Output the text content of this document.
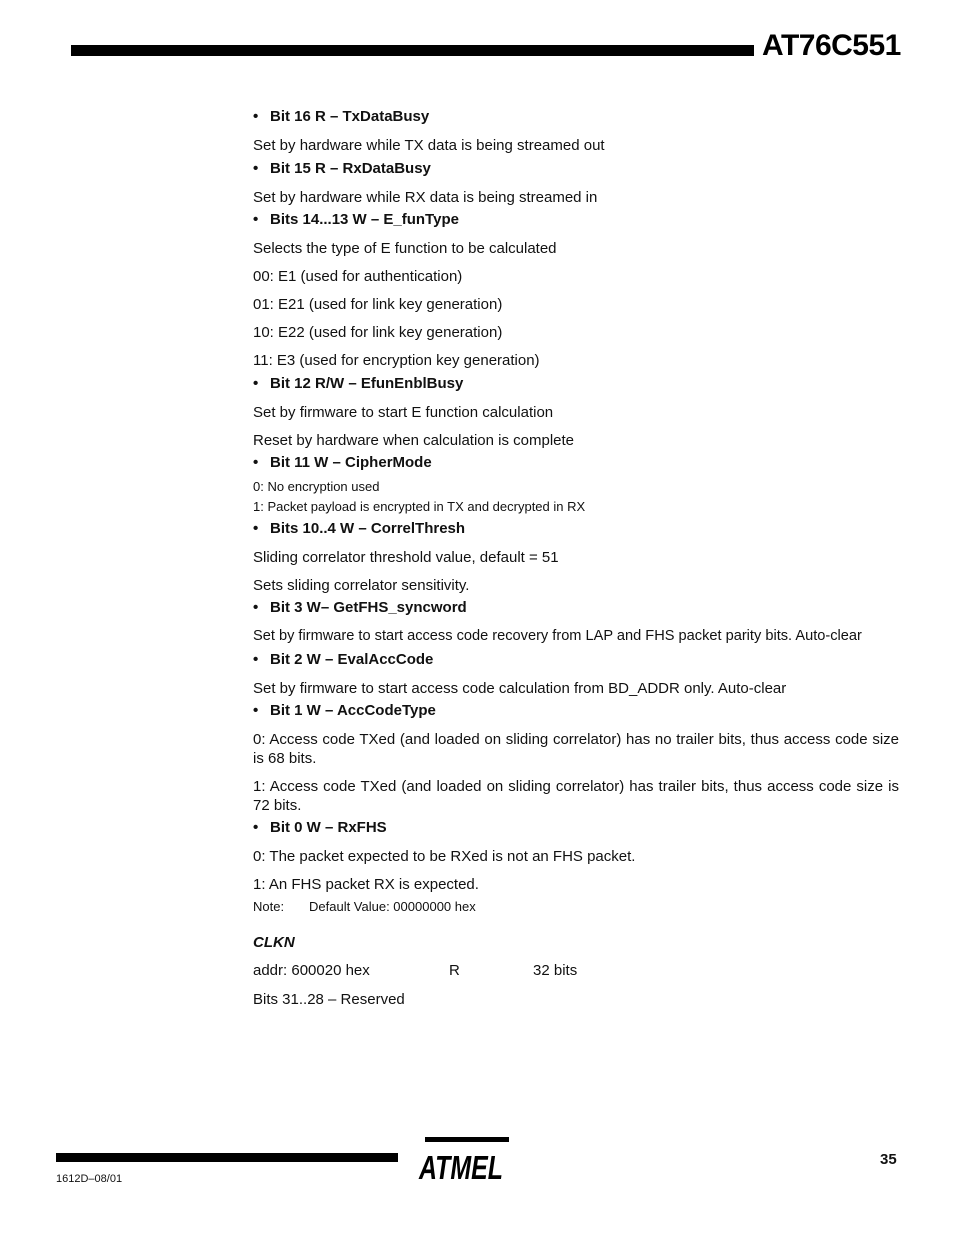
AT76C551
• Bit 16 R – TxDataBusy
Set by hardware while TX data is being streamed out
• Bit 15 R – RxDataBusy
Set by hardware while RX data is being streamed in
• Bits 14...13 W – E_funType
Selects the type of E function to be calculated
00: E1 (used for authentication)
01: E21 (used for link key generation)
10: E22 (used for link key generation)
11: E3 (used for encryption key generation)
• Bit 12 R/W – EfunEnblBusy
Set by firmware to start E function calculation
Reset by hardware when calculation is complete
• Bit 11 W – CipherMode
0: No encryption used
1: Packet payload is encrypted in TX and decrypted in RX
• Bits 10..4 W – CorrelThresh
Sliding correlator threshold value, default = 51
Sets sliding correlator sensitivity.
• Bit 3 W– GetFHS_syncword
Set by firmware to start access code recovery from LAP and FHS packet parity bits. Auto-clear
• Bit 2 W – EvalAccCode
Set by firmware to start access code calculation from BD_ADDR only. Auto-clear
• Bit 1 W – AccCodeType
0: Access code TXed (and loaded on sliding correlator) has no trailer bits, thus access code size is 68 bits.
1: Access code TXed (and loaded on sliding correlator) has trailer bits, thus access code size is 72 bits.
• Bit 0 W – RxFHS
0: The packet expected to be RXed is not an FHS packet.
1: An FHS packet RX is expected.
Note: Default Value: 00000000 hex
CLKN
addr: 600020 hex	R	32 bits
Bits 31..28 – Reserved
ATMEL	35
1612D–08/01
